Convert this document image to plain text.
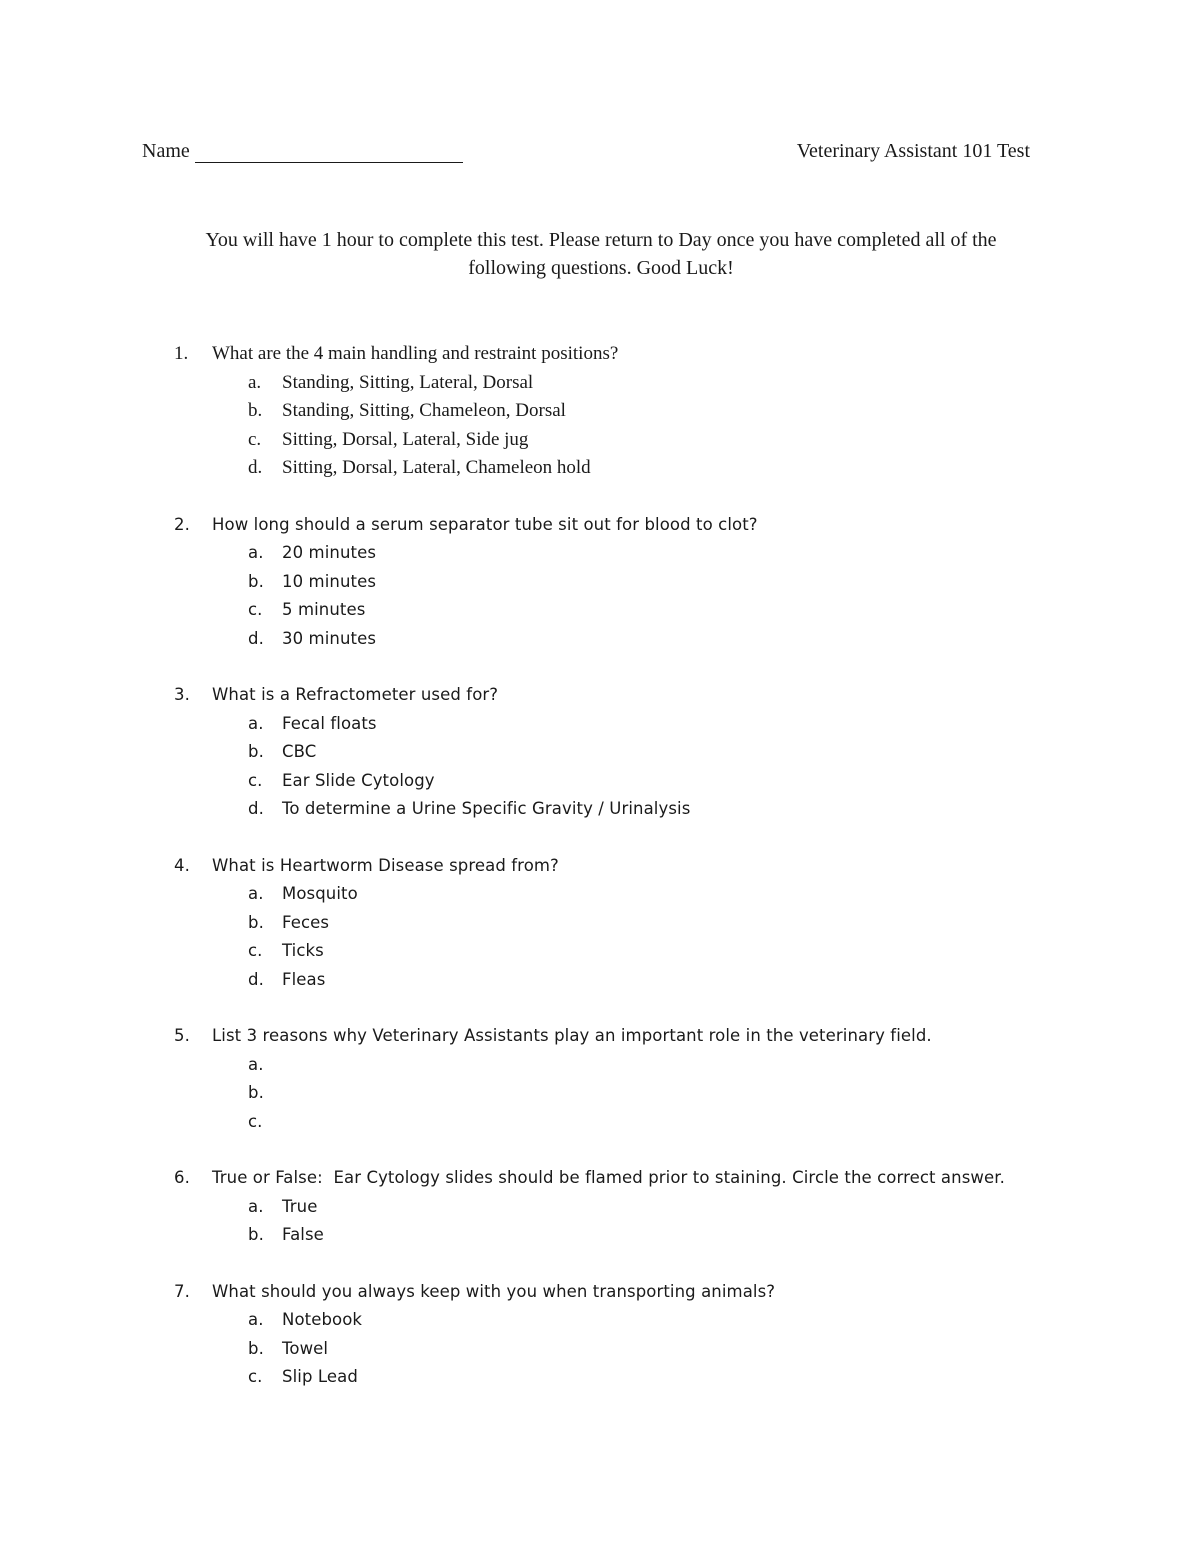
Name	Veterinary Assistant 101 Test
You will have 1 hour to complete this test. Please return to Day once you have completed all of the
following questions. Good Luck!
1. What are the 4 main handling and restraint positions?
a. Standing, Sitting, Lateral, Dorsal
b. Standing, Sitting, Chameleon, Dorsal
c. Sitting, Dorsal, Lateral, Side jug
d. Sitting, Dorsal, Lateral, Chameleon hold
2. How long should a serum separator tube sit out for blood to clot?
a. 20 minutes
b. 10 minutes
c. 5 minutes
d. 30 minutes
3. What is a Refractometer used for?
a. Fecal floats
b. CBC
c. Ear Slide Cytology
d. To determine a Urine Specific Gravity / Urinalysis
4. What is Heartworm Disease spread from?
a. Mosquito
b. Feces
c. Ticks
d. Fleas
5. List 3 reasons why Veterinary Assistants play an important role in the veterinary field.
a.
b.
c.
6. True or False:  Ear Cytology slides should be flamed prior to staining. Circle the correct answer.
a. True
b. False
7. What should you always keep with you when transporting animals?
a. Notebook
b. Towel
c. Slip Lead
